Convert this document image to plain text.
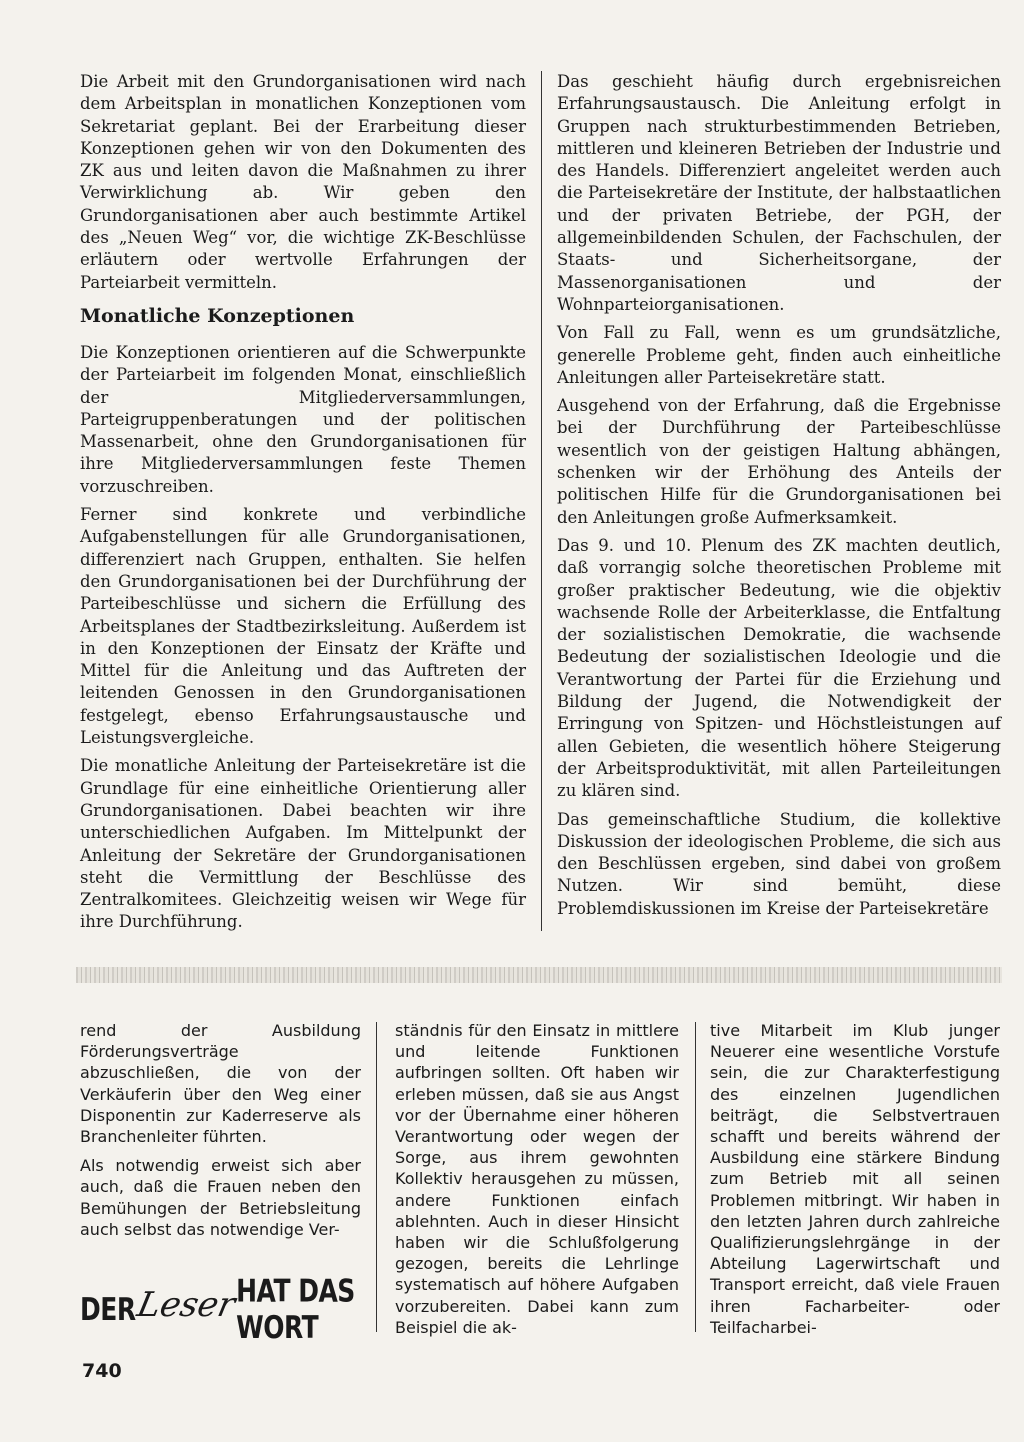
Die Arbeit mit den Grundorganisationen wird nach dem Arbeitsplan in monatlichen Konzeptionen vom Sekretariat geplant. Bei der Erarbeitung dieser Konzeptionen gehen wir von den Dokumenten des ZK aus und leiten davon die Maßnahmen zu ihrer Verwirklichung ab. Wir geben den Grundorganisationen aber auch bestimmte Artikel des „Neuen Weg“ vor, die wichtige ZK-Beschlüsse erläutern oder wertvolle Erfahrungen der Parteiarbeit vermitteln.

Monatliche Konzeptionen

Die Konzeptionen orientieren auf die Schwerpunkte der Parteiarbeit im folgenden Monat, einschließlich der Mitgliederversammlungen, Parteigruppenberatungen und der politischen Massenarbeit, ohne den Grundorganisationen für ihre Mitgliederversammlungen feste Themen vorzuschreiben.

Ferner sind konkrete und verbindliche Aufgabenstellungen für alle Grundorganisationen, differenziert nach Gruppen, enthalten. Sie helfen den Grundorganisationen bei der Durchführung der Parteibeschlüsse und sichern die Erfüllung des Arbeitsplanes der Stadtbezirksleitung. Außerdem ist in den Konzeptionen der Einsatz der Kräfte und Mittel für die Anleitung und das Auftreten der leitenden Genossen in den Grundorganisationen festgelegt, ebenso Erfahrungsaustausche und Leistungsvergleiche.

Die monatliche Anleitung der Parteisekretäre ist die Grundlage für eine einheitliche Orientierung aller Grundorganisationen. Dabei beachten wir ihre unterschiedlichen Aufgaben. Im Mittelpunkt der Anleitung der Sekretäre der Grundorganisationen steht die Vermittlung der Beschlüsse des Zentralkomitees. Gleichzeitig weisen wir Wege für ihre Durchführung.

Das geschieht häufig durch ergebnisreichen Erfahrungsaustausch. Die Anleitung erfolgt in Gruppen nach strukturbestimmenden Betrieben, mittleren und kleineren Betrieben der Industrie und des Handels. Differenziert angeleitet werden auch die Parteisekretäre der Institute, der halbstaatlichen und der privaten Betriebe, der PGH, der allgemeinbildenden Schulen, der Fachschulen, der Staats- und Sicherheitsorgane, der Massenorganisationen und der Wohnparteiorganisationen.

Von Fall zu Fall, wenn es um grundsätzliche, generelle Probleme geht, finden auch einheitliche Anleitungen aller Parteisekretäre statt.

Ausgehend von der Erfahrung, daß die Ergebnisse bei der Durchführung der Parteibeschlüsse wesentlich von der geistigen Haltung abhängen, schenken wir der Erhöhung des Anteils der politischen Hilfe für die Grundorganisationen bei den Anleitungen große Aufmerksamkeit.

Das 9. und 10. Plenum des ZK machten deutlich, daß vorrangig solche theoretischen Probleme mit großer praktischer Bedeutung, wie die objektiv wachsende Rolle der Arbeiterklasse, die Entfaltung der sozialistischen Demokratie, die wachsende Bedeutung der sozialistischen Ideologie und die Verantwortung der Partei für die Erziehung und Bildung der Jugend, die Notwendigkeit der Erringung von Spitzen- und Höchstleistungen auf allen Gebieten, die wesentlich höhere Steigerung der Arbeitsproduktivität, mit allen Parteileitungen zu klären sind.

Das gemeinschaftliche Studium, die kollektive Diskussion der ideologischen Probleme, die sich aus den Beschlüssen ergeben, sind dabei von großem Nutzen. Wir sind bemüht, diese Problemdiskussionen im Kreise der Parteisekretäre

rend der Ausbildung Förderungsverträge abzuschließen, die von der Verkäuferin über den Weg einer Disponentin zur Kaderreserve als Branchenleiter führten.

Als notwendig erweist sich aber auch, daß die Frauen neben den Bemühungen der Betriebsleitung auch selbst das notwendige Ver-

DER
Leser
HAT DAS WORT

ständnis für den Einsatz in mittlere und leitende Funktionen aufbringen sollten. Oft haben wir erleben müssen, daß sie aus Angst vor der Übernahme einer höheren Verantwortung oder wegen der Sorge, aus ihrem gewohnten Kollektiv herausgehen zu müssen, andere Funktionen einfach ablehnten. Auch in dieser Hinsicht haben wir die Schlußfolgerung gezogen, bereits die Lehrlinge systematisch auf höhere Aufgaben vorzubereiten. Dabei kann zum Beispiel die ak-

tive Mitarbeit im Klub junger Neuerer eine wesentliche Vorstufe sein, die zur Charakterfestigung des einzelnen Jugendlichen beiträgt, die Selbstvertrauen schafft und bereits während der Ausbildung eine stärkere Bindung zum Betrieb mit all seinen Problemen mitbringt. Wir haben in den letzten Jahren durch zahlreiche Qualifizierungslehrgänge in der Abteilung Lagerwirtschaft und Transport erreicht, daß viele Frauen ihren Facharbeiter- oder Teilfacharbei-

740
